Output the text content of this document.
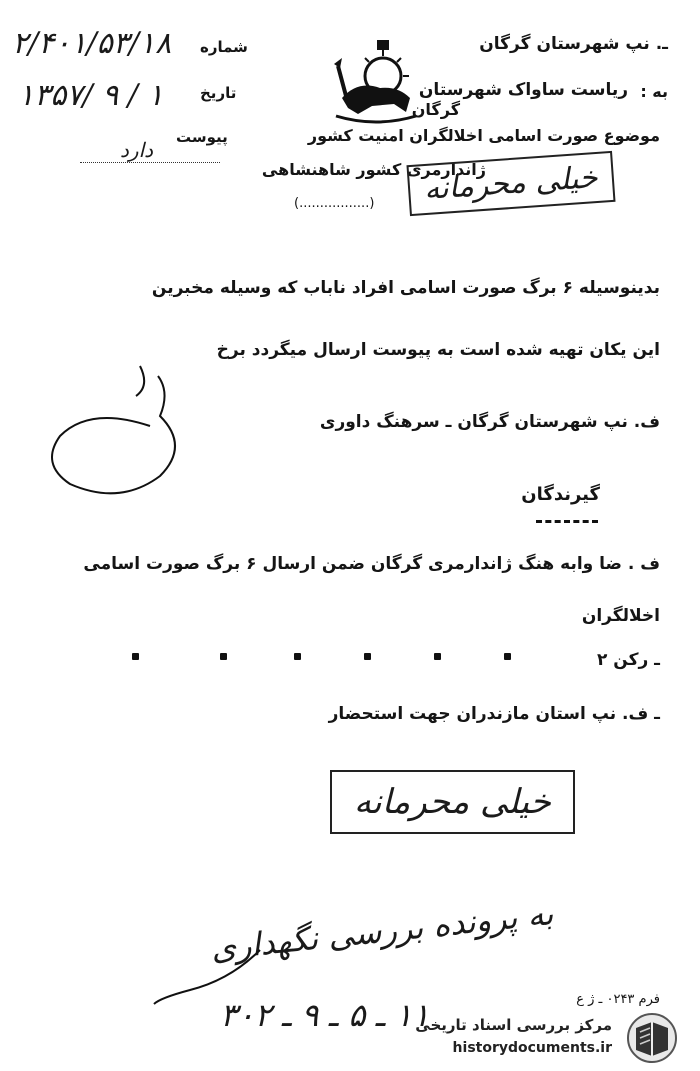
شماره
۲/۴۰۱/۵۳/۱۸
تاریخ
۱۳۵۷/ ۹ / ۱
پیوست
دارد
ـ. نپ شهرستان گرگان
به :
ریاست ساواک شهرستان
گرگان
موضوع صورت اسامی اخلالگران امنیت کشور
ژاندارمری کشور شاهنشاهی
(.................)	خیلی محرمانه
بدینوسیله ۶ برگ صورت اسامی افراد ناباب که وسیله مخبرین
این یکان تهیه شده است به پیوست ارسال میگردد برخ
ف. نپ شهرستان گرگان ـ سرهنگ داوری
گیرندگان
ف . ضا وابه هنگ ژاندارمری گرگان ضمن ارسال ۶ برگ صورت اسامی
اخلالگران
ـ رکن ۲
ـ ف. نپ استان مازندران جهت استحضار
خیلی محرمانه
به پرونده بررسی نگهداری
فرم ۰۲۴۳ ـ ژ ع
۱۱ ـ ۵ ـ ۹ ـ ۳۰۲
مرکز بررسی اسناد تاریخی
historydocuments.ir
